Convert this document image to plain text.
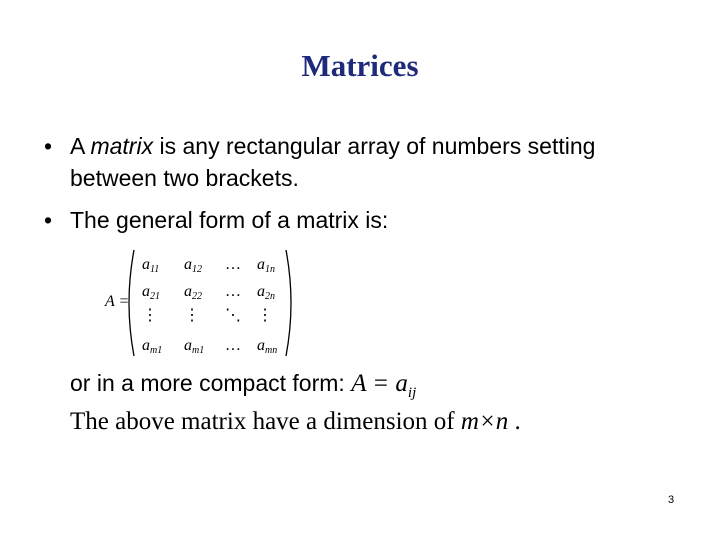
Matrices
• A matrix is any rectangular array of numbers setting between two brackets.
• The general form of a matrix is:
A =
a11 a12 … a1n
a21 a22 … a2n
⋮ ⋮ ⋱ ⋮
am1 am1 … amn
or in a more compact form: $A = a_{ij}$
The above matrix have a dimension of m×n .
3
